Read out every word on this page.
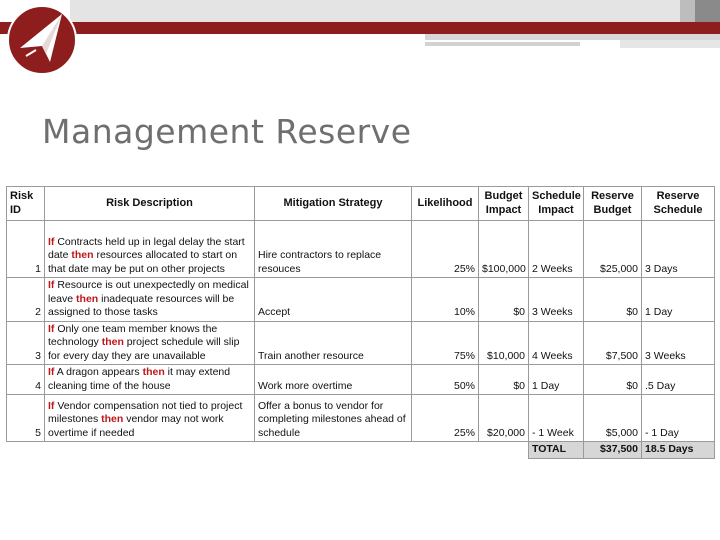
Management Reserve
Risk ID	Risk Description	Mitigation Strategy	Likelihood	Budget Impact	Schedule Impact	Reserve Budget	Reserve Schedule
1	If Contracts held up in legal delay the start date then resources allocated to start on that date may be put on other projects	Hire contractors to replace resouces	25%	$100,000	2 Weeks	$25,000	3 Days
2	If Resource is out unexpectedly on medical leave then inadequate resources will be assigned to those tasks	Accept	10%	$0	3 Weeks	$0	1 Day
3	If Only one team member knows the technology then project schedule will slip for every day they are unavailable	Train another resource	75%	$10,000	4 Weeks	$7,500	3 Weeks
4	If A dragon appears then it may extend cleaning time of the house	Work more overtime	50%	$0	1 Day	$0	.5 Day
5	If Vendor compensation not tied to project milestones then vendor may not work overtime if needed	Offer a bonus to vendor for completing milestones ahead of schedule	25%	$20,000	- 1 Week	$5,000	- 1 Day
					TOTAL	$37,500	18.5 Days
